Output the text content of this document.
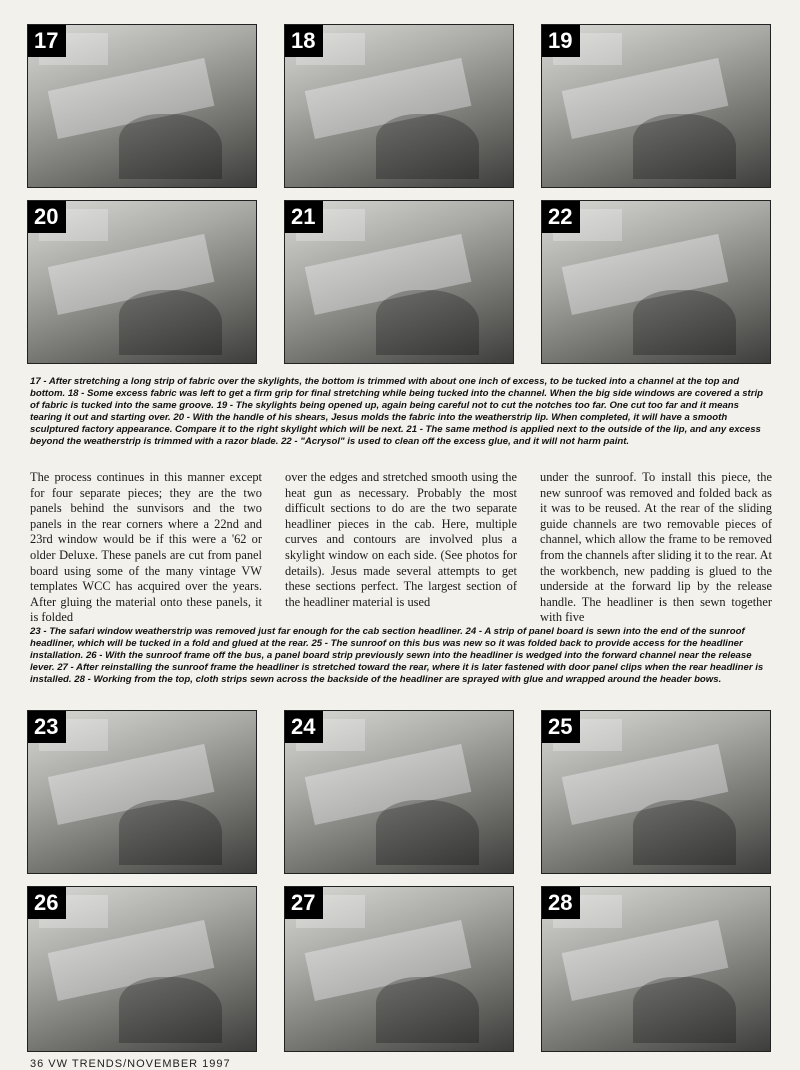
17	18	19
20	21	22
17 - After stretching a long strip of fabric over the skylights, the bottom is trimmed with about one inch of excess, to be tucked into a channel at the top and bottom. 18 - Some excess fabric was left to get a firm grip for final stretching while being tucked into the channel. When the big side windows are covered a strip of fabric is tucked into the same groove. 19 - The skylights being opened up, again being careful not to cut the notches too far. One cut too far and it means tearing it out and starting over. 20 - With the handle of his shears, Jesus molds the fabric into the weatherstrip lip. When completed, it will have a smooth sculptured factory appearance. Compare it to the right skylight which will be next. 21 - The same method is applied next to the outside of the lip, and any excess beyond the weatherstrip is trimmed with a razor blade. 22 - "Acrysol" is used to clean off the excess glue, and it will not harm paint.
The process continues in this manner except for four separate pieces; they are the two panels behind the sunvisors and the two panels in the rear corners where a 22nd and 23rd window would be if this were a '62 or older Deluxe. These panels are cut from panel board using some of the many vintage VW templates WCC has acquired over the years. After gluing the material onto these panels, it is folded
over the edges and stretched smooth using the heat gun as necessary. Probably the most difficult sections to do are the two separate headliner pieces in the cab. Here, multiple curves and contours are involved plus a skylight window on each side. (See photos for details). Jesus made several attempts to get these sections perfect. The largest section of the headliner material is used
under the sunroof. To install this piece, the new sunroof was removed and folded back as it was to be reused. At the rear of the sliding guide channels are two removable pieces of channel, which allow the frame to be removed from the channels after sliding it to the rear. At the workbench, new padding is glued to the underside at the forward lip by the release handle. The headliner is then sewn together with five
23 - The safari window weatherstrip was removed just far enough for the cab section headliner. 24 - A strip of panel board is sewn into the end of the sunroof headliner, which will be tucked in a fold and glued at the rear. 25 - The sunroof on this bus was new so it was folded back to provide access for the headliner installation. 26 - With the sunroof frame off the bus, a panel board strip previously sewn into the headliner is wedged into the forward channel near the release lever. 27 - After reinstalling the sunroof frame the headliner is stretched toward the rear, where it is later fastened with door panel clips when the rear headliner is installed. 28 - Working from the top, cloth strips sewn across the backside of the headliner are sprayed with glue and wrapped around the header bows.
23	24	25
26	27	28
36 VW TRENDS/NOVEMBER 1997
